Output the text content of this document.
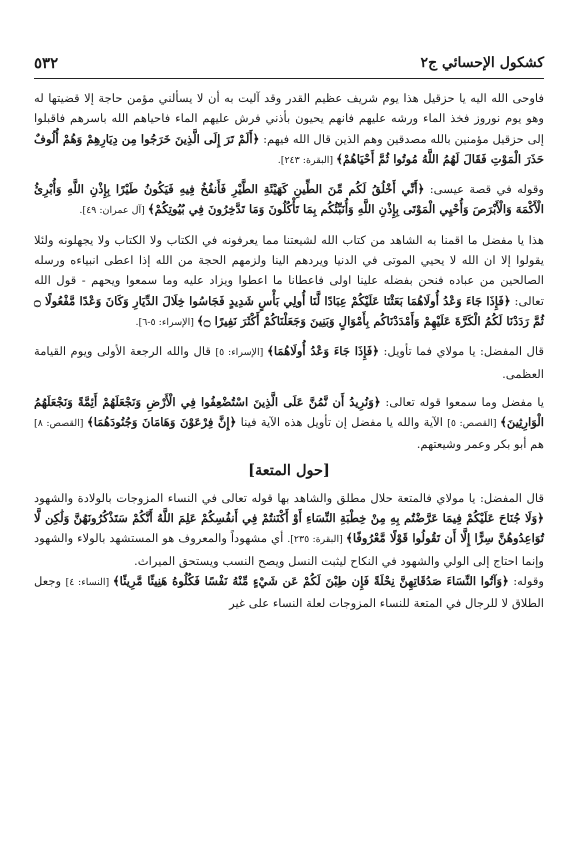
كشكول الإحسائي ج٢
٥٣٢

فاوحى الله اليه يا حزقيل هذا يوم شريف عظيم القدر وقد آليت به أن لا يسألني مؤمن حاجة إلا قضيتها له وهو يوم نوروز فخذ الماء ورشه عليهم فانهم يحيون بأذني فرش عليهم الماء فاحياهم الله باسرهم فاقبلوا إلى حزقيل مؤمنين بالله مصدقين وهم الذين قال الله فيهم: ﴿أَلَمْ تَرَ إِلَى الَّذِينَ خَرَجُوا مِن دِيَارِهِمْ وَهُمْ أُلُوفٌ حَذَرَ الْمَوْتِ فَقَالَ لَهُمُ اللَّهُ مُوتُوا ثُمَّ أَحْيَاهُمْ﴾ [البقرة: ٢٤٣].

وقوله في قصة عيسى: ﴿أَنِّي أَخْلُقُ لَكُم مِّنَ الطِّينِ كَهَيْئَةِ الطَّيْرِ فَأَنفُخُ فِيهِ فَيَكُونُ طَيْرًا بِإِذْنِ اللَّهِ وَأُبْرِئُ الْأَكْمَهَ وَالْأَبْرَصَ وَأُحْيِي الْمَوْتَى بِإِذْنِ اللَّهِ وَأُنَبِّئُكُم بِمَا تَأْكُلُونَ وَمَا تَدَّخِرُونَ فِي بُيُوتِكُمْ﴾ [آل عمران: ٤٩].

هذا يا مفضل ما اقمنا به الشاهد من كتاب الله لشيعتنا مما يعرفونه في الكتاب ولا الكتاب ولا يجهلونه ولئلا يقولوا إلا ان الله لا يحيي الموتى في الدنيا ويردهم الينا ولزمهم الحجة من الله إذا اعطى انبياءه ورسله الصالحين من عباده فنحن بفضله علينا اولى فاعطانا ما اعطوا ويزاد عليه وما سمعوا ويحهم - قول الله تعالى: ﴿فَإِذَا جَاءَ وَعْدُ أُولَاهُمَا بَعَثْنَا عَلَيْكُمْ عِبَادًا لَّنَا أُولِي بَأْسٍ شَدِيدٍ فَجَاسُوا خِلَالَ الدِّيَارِ وَكَانَ وَعْدًا مَّفْعُولًا ۝ ثُمَّ رَدَدْنَا لَكُمُ الْكَرَّةَ عَلَيْهِمْ وَأَمْدَدْنَاكُم بِأَمْوَالٍ وَبَنِينَ وَجَعَلْنَاكُمْ أَكْثَرَ نَفِيرًا ۝﴾ [الإسراء: ٥-٦].

قال المفضل: يا مولاي فما تأويل: ﴿فَإِذَا جَاءَ وَعْدُ أُولَاهُمَا﴾ [الإسراء: ٥] قال والله الرجعة الأولى ويوم القيامة العظمى.

يا مفضل وما سمعوا قوله تعالى: ﴿وَنُرِيدُ أَن نَّمُنَّ عَلَى الَّذِينَ اسْتُضْعِفُوا فِي الْأَرْضِ وَنَجْعَلَهُمْ أَئِمَّةً وَنَجْعَلَهُمُ الْوَارِثِينَ﴾ [القصص: ٥] الآية والله يا مفضل إن تأويل هذه الآية فينا ﴿إِنَّ فِرْعَوْنَ وَهَامَانَ وَجُنُودَهُمَا﴾ [القصص: ٨] هم أبو بكر وعمر وشيعتهم.

[حول المتعة]

قال المفضل: يا مولاي فالمتعة حلال مطلق والشاهد بها قوله تعالى في النساء المزوجات بالولادة والشهود ﴿وَلَا جُنَاحَ عَلَيْكُمْ فِيمَا عَرَّضْتُم بِهِ مِنْ خِطْبَةِ النِّسَاءِ أَوْ أَكْنَنتُمْ فِي أَنفُسِكُمْ عَلِمَ اللَّهُ أَنَّكُمْ سَتَذْكُرُونَهُنَّ وَلَٰكِن لَّا تُوَاعِدُوهُنَّ سِرًّا إِلَّا أَن تَقُولُوا قَوْلًا مَّعْرُوفًا﴾ [البقرة: ٢٣٥]. أي مشهوداً والمعروف هو المستشهد بالولاء والشهود وإنما احتاج إلى الولي والشهود في النكاح ليثبت النسل ويصح النسب ويستحق الميراث.

وقوله: ﴿وَآتُوا النِّسَاءَ صَدُقَاتِهِنَّ نِحْلَةً فَإِن طِبْنَ لَكُمْ عَن شَيْءٍ مِّنْهُ نَفْسًا فَكُلُوهُ هَنِيئًا مَّرِيئًا﴾ [النساء: ٤] وجعل الطلاق لا للرجال في المتعة للنساء المزوجات لعلة النساء على غير
